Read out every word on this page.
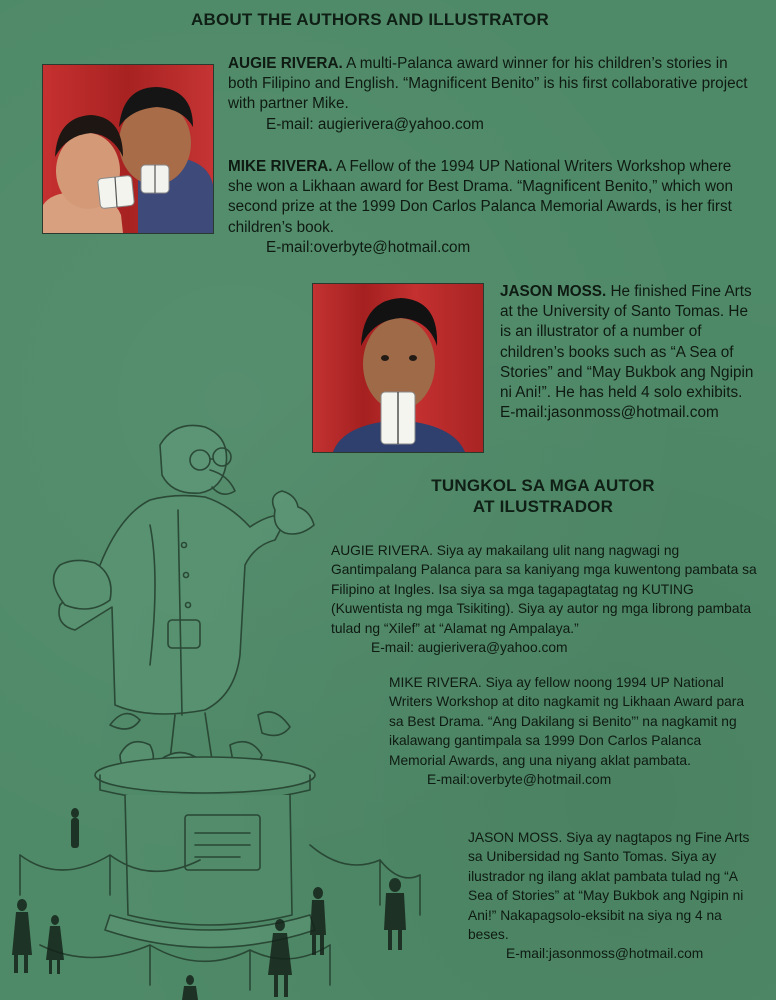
ABOUT THE AUTHORS AND ILLUSTRATOR
AUGIE RIVERA. A multi-Palanca award winner for his children’s stories in both Filipino and English. “Magnificent Benito” is his first collaborative project with partner Mike.
E-mail: augierivera@yahoo.com
MIKE RIVERA. A Fellow of the 1994 UP National Writers Workshop where she won a Likhaan award for Best Drama. “Magnificent Benito,” which won second prize at the 1999 Don Carlos Palanca Memorial Awards, is her first children’s book.
E-mail:overbyte@hotmail.com
JASON MOSS. He finished Fine Arts at the University of Santo Tomas. He is an illustrator of a number of children’s books such as “A Sea of Stories” and “May Bukbok ang Ngipin ni Ani!”. He has held 4 solo exhibits.
E-mail:jasonmoss@hotmail.com
TUNGKOL SA MGA AUTOR
AT ILUSTRADOR
AUGIE RIVERA. Siya ay makailang ulit nang nagwagi ng Gantimpalang Palanca para sa kaniyang mga kuwentong pambata sa Filipino at Ingles. Isa siya sa mga tagapagtatag ng KUTING (Kuwentista ng mga Tsikiting). Siya ay autor ng mga librong pambata tulad ng “Xilef” at “Alamat ng Ampalaya.”
E-mail: augierivera@yahoo.com
MIKE RIVERA. Siya ay fellow noong 1994 UP National Writers Workshop at dito nagkamit ng Likhaan Award para sa Best Drama. “Ang Dakilang si Benito”’ na nagkamit ng ikalawang gantimpala sa 1999 Don Carlos Palanca Memorial Awards, ang una niyang aklat pambata.
E-mail:overbyte@hotmail.com
JASON MOSS. Siya ay nagtapos ng Fine Arts sa Unibersidad ng Santo Tomas. Siya ay ilustrador ng ilang aklat pambata tulad ng “A Sea of Stories” at “May Bukbok ang Ngipin ni Ani!” Nakapagsolo-eksibit na siya ng 4 na beses.
E-mail:jasonmoss@hotmail.com
